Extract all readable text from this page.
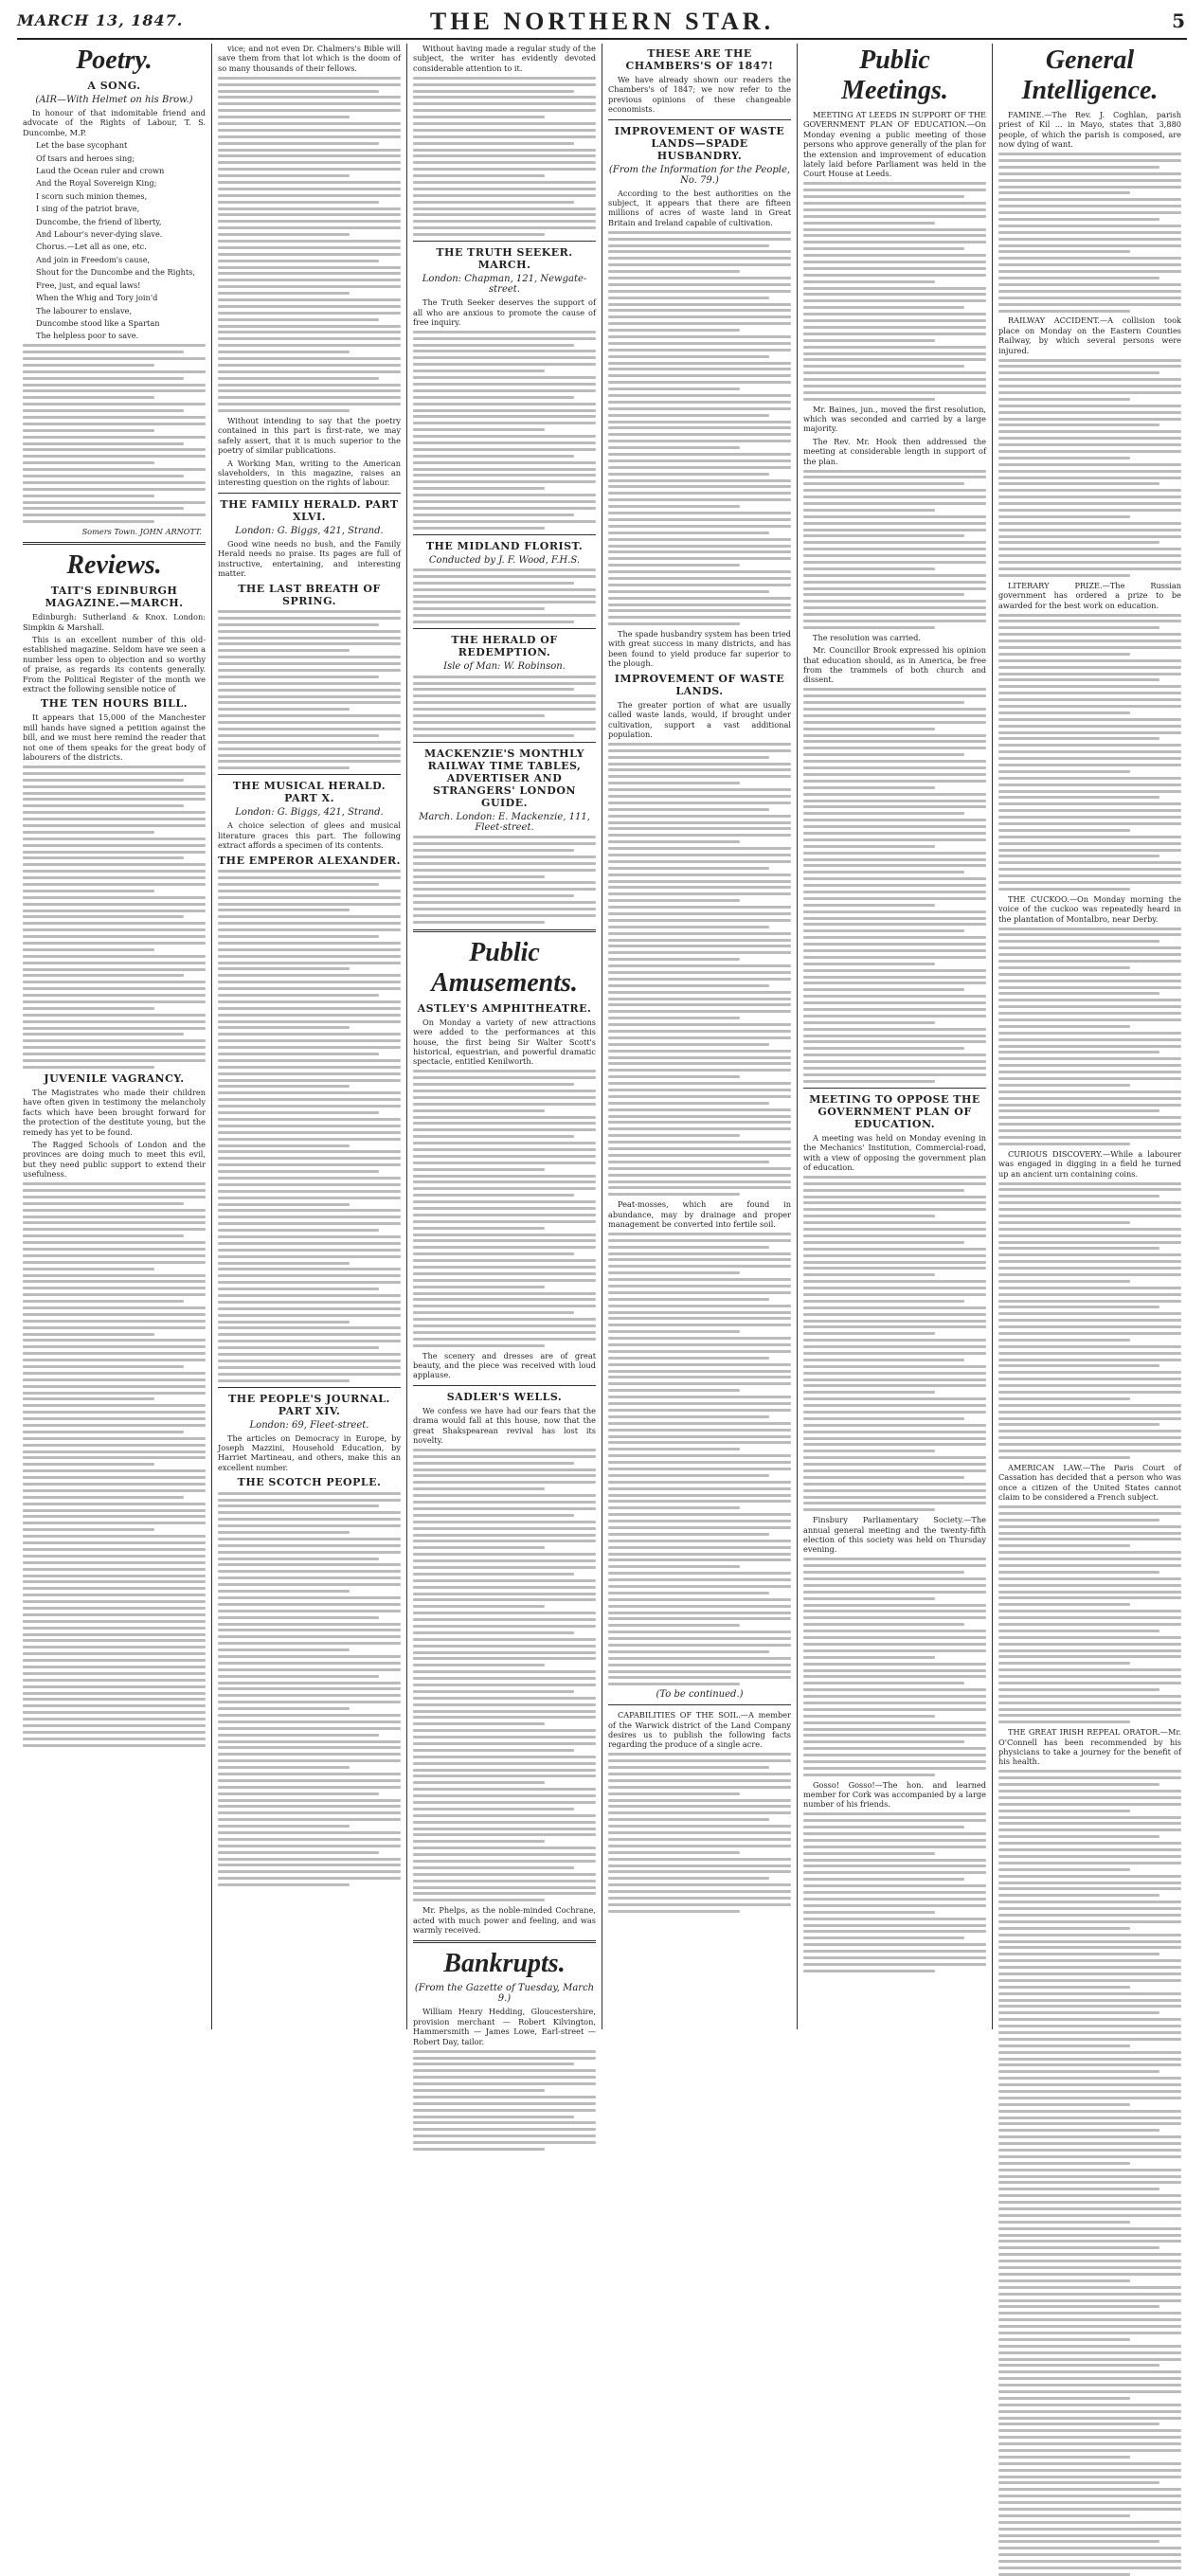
MARCH 13, 1847.	THE NORTHERN STAR.	5
Poetry.
A SONG.
(AIR—With Helmet on his Brow.)

In honour of that indomitable friend and advocate of the Rights of Labour, T. S. Duncombe, M.P.

Let the base sycophant

Of tsars and heroes sing;

Laud the Ocean ruler and crown

And the Royal Sovereign King;

I scorn such minion themes,

I sing of the patriot brave,

Duncombe, the friend of liberty,

And Labour's never-dying slave.

Chorus.—Let all as one, etc.

And join in Freedom's cause,

Shout for the Duncombe and the Rights,

Free, just, and equal laws!

When the Whig and Tory join'd

The labourer to enslave,

Duncombe stood like a Spartan

The helpless poor to save.

Somers Town. JOHN ARNOTT.
Reviews.
TAIT'S EDINBURGH MAGAZINE.—MARCH.

Edinburgh: Sutherland & Knox. London: Simpkin & Marshall.

This is an excellent number of this old-established magazine. Seldom have we seen a number less open to objection and so worthy of praise, as regards its contents generally. From the Political Register of the month we extract the following sensible notice of

THE TEN HOURS BILL.

It appears that 15,000 of the Manchester mill hands have signed a petition against the bill, and we must here remind the reader that not one of them speaks for the great body of labourers of the districts.

JUVENILE VAGRANCY.

The Magistrates who made their children have often given in testimony the melancholy facts which have been brought forward for the protection of the destitute young, but the remedy has yet to be found.

The Ragged Schools of London and the provinces are doing much to meet this evil, but they need public support to extend their usefulness.

vice; and not even Dr. Chalmers's Bible will save them from that lot which is the doom of so many thousands of their fellows.

Without intending to say that the poetry contained in this part is first-rate, we may safely assert, that it is much superior to the poetry of similar publications.

A Working Man, writing to the American slaveholders, in this magazine, raises an interesting question on the rights of labour.

THE FAMILY HERALD. PART XLVI.
London: G. Biggs, 421, Strand.

Good wine needs no bush, and the Family Herald needs no praise. Its pages are full of instructive, entertaining, and interesting matter.

THE LAST BREATH OF SPRING.
THE MUSICAL HERALD. PART X.
London: G. Biggs, 421, Strand.

A choice selection of glees and musical literature graces this part. The following extract affords a specimen of its contents.

THE EMPEROR ALEXANDER.
THE PEOPLE'S JOURNAL. PART XIV.
London: 69, Fleet-street.

The articles on Democracy in Europe, by Joseph Mazzini, Household Education, by Harriet Martineau, and others, make this an excellent number.

THE SCOTCH PEOPLE.

Without having made a regular study of the subject, the writer has evidently devoted considerable attention to it.

THE TRUTH SEEKER. MARCH.
London: Chapman, 121, Newgate-street.

The Truth Seeker deserves the support of all who are anxious to promote the cause of free inquiry.

THE MIDLAND FLORIST.
Conducted by J. F. Wood, F.H.S.
THE HERALD OF REDEMPTION.
Isle of Man: W. Robinson.
MACKENZIE'S MONTHLY RAILWAY TIME TABLES, ADVERTISER AND STRANGERS' LONDON GUIDE.
March. London: E. Mackenzie, 111, Fleet-street.
Public Amusements.
ASTLEY'S AMPHITHEATRE.

On Monday a variety of new attractions were added to the performances at this house, the first being Sir Walter Scott's historical, equestrian, and powerful dramatic spectacle, entitled Kenilworth.

The scenery and dresses are of great beauty, and the piece was received with loud applause.

SADLER'S WELLS.

We confess we have had our fears that the drama would fall at this house, now that the great Shakspearean revival has lost its novelty.

Mr. Phelps, as the noble-minded Cochrane, acted with much power and feeling, and was warmly received.

Bankrupts.
(From the Gazette of Tuesday, March 9.)

William Henry Hedding, Gloucestershire, provision merchant — Robert Kilvington, Hammersmith — James Lowe, Earl-street — Robert Day, tailor.

THESE ARE THE CHAMBERS'S OF 1847!

We have already shown our readers the Chambers's of 1847; we now refer to the previous opinions of these changeable economists.

IMPROVEMENT OF WASTE LANDS—SPADE HUSBANDRY.
(From the Information for the People, No. 79.)

According to the best authorities on the subject, it appears that there are fifteen millions of acres of waste land in Great Britain and Ireland capable of cultivation.

The spade husbandry system has been tried with great success in many districts, and has been found to yield produce far superior to the plough.

IMPROVEMENT OF WASTE LANDS.

The greater portion of what are usually called waste lands, would, if brought under cultivation, support a vast additional population.

Peat-mosses, which are found in abundance, may by drainage and proper management be converted into fertile soil.

(To be continued.)

CAPABILITIES OF THE SOIL.—A member of the Warwick district of the Land Company desires us to publish the following facts regarding the produce of a single acre.

Public Meetings.

MEETING AT LEEDS IN SUPPORT OF THE GOVERNMENT PLAN OF EDUCATION.—On Monday evening a public meeting of those persons who approve generally of the plan for the extension and improvement of education lately laid before Parliament was held in the Court House at Leeds.

Mr. Baines, jun., moved the first resolution, which was seconded and carried by a large majority.

The Rev. Mr. Hook then addressed the meeting at considerable length in support of the plan.

The resolution was carried.

Mr. Councillor Brook expressed his opinion that education should, as in America, be free from the trammels of both church and dissent.

MEETING TO OPPOSE THE GOVERNMENT PLAN OF EDUCATION.

A meeting was held on Monday evening in the Mechanics' Institution, Commercial-road, with a view of opposing the government plan of education.

Finsbury Parliamentary Society.—The annual general meeting and the twenty-fifth election of this society was held on Thursday evening.

Gosso! Gosso!—The hon. and learned member for Cork was accompanied by a large number of his friends.

General Intelligence.

FAMINE.—The Rev. J. Coghlan, parish priest of Kil ... in Mayo, states that 3,880 people, of which the parish is composed, are now dying of want.

RAILWAY ACCIDENT.—A collision took place on Monday on the Eastern Counties Railway, by which several persons were injured.

LITERARY PRIZE.—The Russian government has ordered a prize to be awarded for the best work on education.

THE CUCKOO.—On Monday morning the voice of the cuckoo was repeatedly heard in the plantation of Montalbro, near Derby.

CURIOUS DISCOVERY.—While a labourer was engaged in digging in a field he turned up an ancient urn containing coins.

AMERICAN LAW.—The Paris Court of Cassation has decided that a person who was once a citizen of the United States cannot claim to be considered a French subject.

THE GREAT IRISH REPEAL ORATOR.—Mr. O'Connell has been recommended by his physicians to take a journey for the benefit of his health.
